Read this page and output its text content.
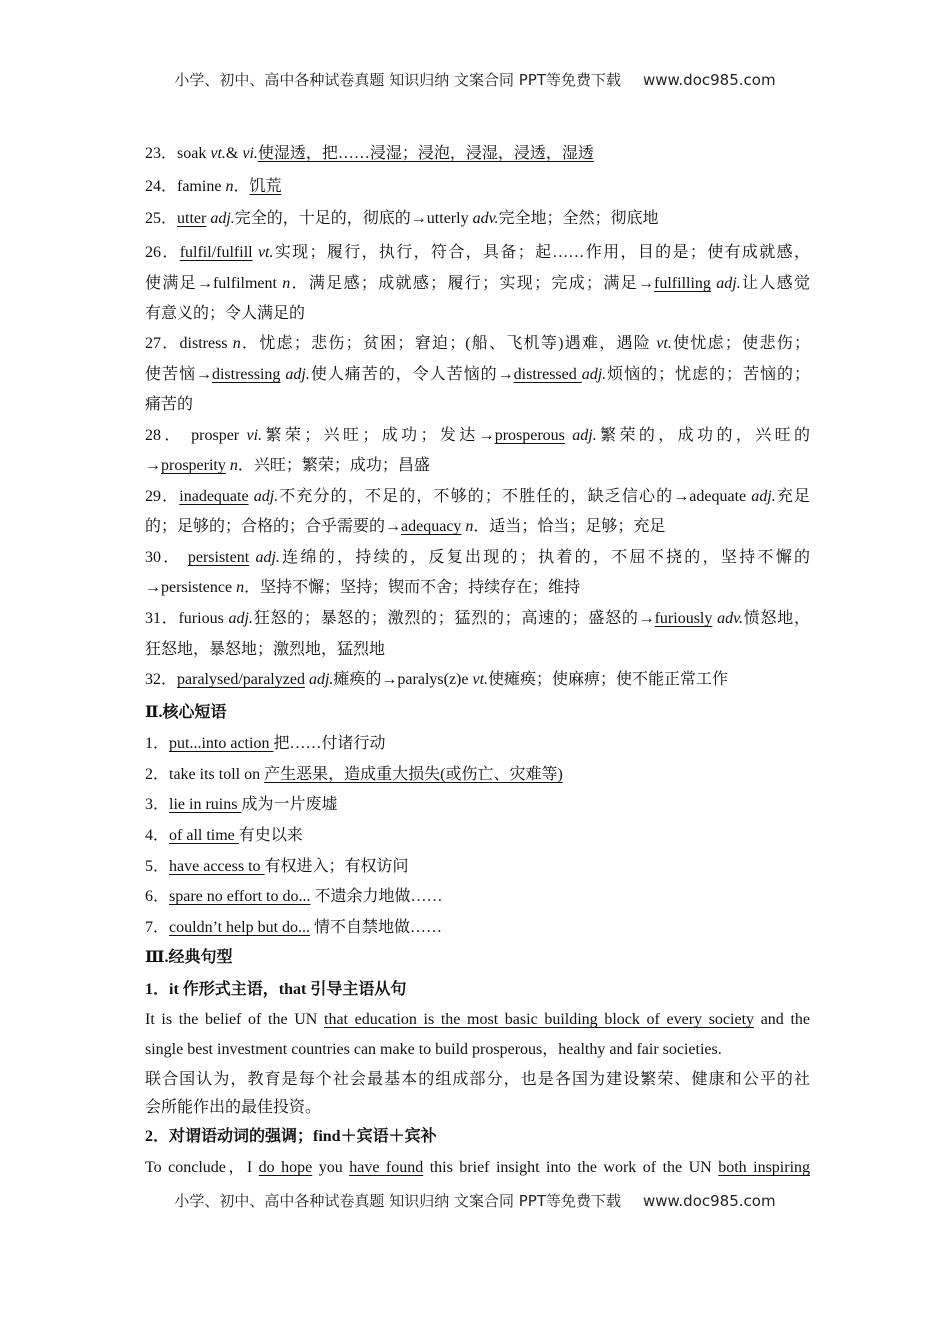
小学、初中、高中各种试卷真题 知识归纳 文案合同 PPT等免费下载 www.doc985.com
23．soak vt.& vi.使湿透，把……浸湿；浸泡，浸湿，浸透，湿透
24．famine n．饥荒
25．utter adj.完全的，十足的，彻底的→utterly adv.完全地；全然；彻底地
26．fulfil/fulfill vt.实现；履行，执行，符合，具备；起……作用，目的是；使有成就感，
使满足→fulfilment n．满足感；成就感；履行；实现；完成；满足→fulfilling adj.让人感觉
有意义的；令人满足的
27．distress n．忧虑；悲伤；贫困；窘迫；(船、飞机等)遇难，遇险 vt.使忧虑；使悲伤；
使苦恼→distressing adj.使人痛苦的，令人苦恼的→distressed adj.烦恼的；忧虑的；苦恼的；
痛苦的
28． prosper vi.繁荣；兴旺；成功；发达→prosperous adj.繁荣的，成功的，兴旺的
→prosperity n．兴旺；繁荣；成功；昌盛
29．inadequate adj.不充分的，不足的，不够的；不胜任的，缺乏信心的→adequate adj.充足
的；足够的；合格的；合乎需要的→adequacy n．适当；恰当；足够；充足
30． persistent adj.连绵的，持续的，反复出现的；执着的，不屈不挠的，坚持不懈的
→persistence n．坚持不懈；坚持；锲而不舍；持续存在；维持
31．furious adj.狂怒的；暴怒的；激烈的；猛烈的；高速的；盛怒的→furiously adv.愤怒地，
狂怒地，暴怒地；激烈地，猛烈地
32．paralysed/paralyzed adj.瘫痪的→paralys(z)e vt.使瘫痪；使麻痹；使不能正常工作
Ⅱ.核心短语
1．put...into action 把……付诸行动
2．take its toll on 产生恶果，造成重大损失(或伤亡、灾难等)
3．lie in ruins 成为一片废墟
4．of all time 有史以来
5．have access to 有权进入；有权访问
6．spare no effort to do... 不遗余力地做……
7．couldn’t help but do... 情不自禁地做……
Ⅲ.经典句型
1．it 作形式主语，that 引导主语从句
It is the belief of the UN that education is the most basic building block of every society and the
single best investment countries can make to build prosperous，healthy and fair societies.
联合国认为，教育是每个社会最基本的组成部分，也是各国为建设繁荣、健康和公平的社
会所能作出的最佳投资。
2．对谓语动词的强调；find＋宾语＋宾补
To conclude，I do hope you have found this brief insight into the work of the UN both inspiring
小学、初中、高中各种试卷真题 知识归纳 文案合同 PPT等免费下载 www.doc985.com
